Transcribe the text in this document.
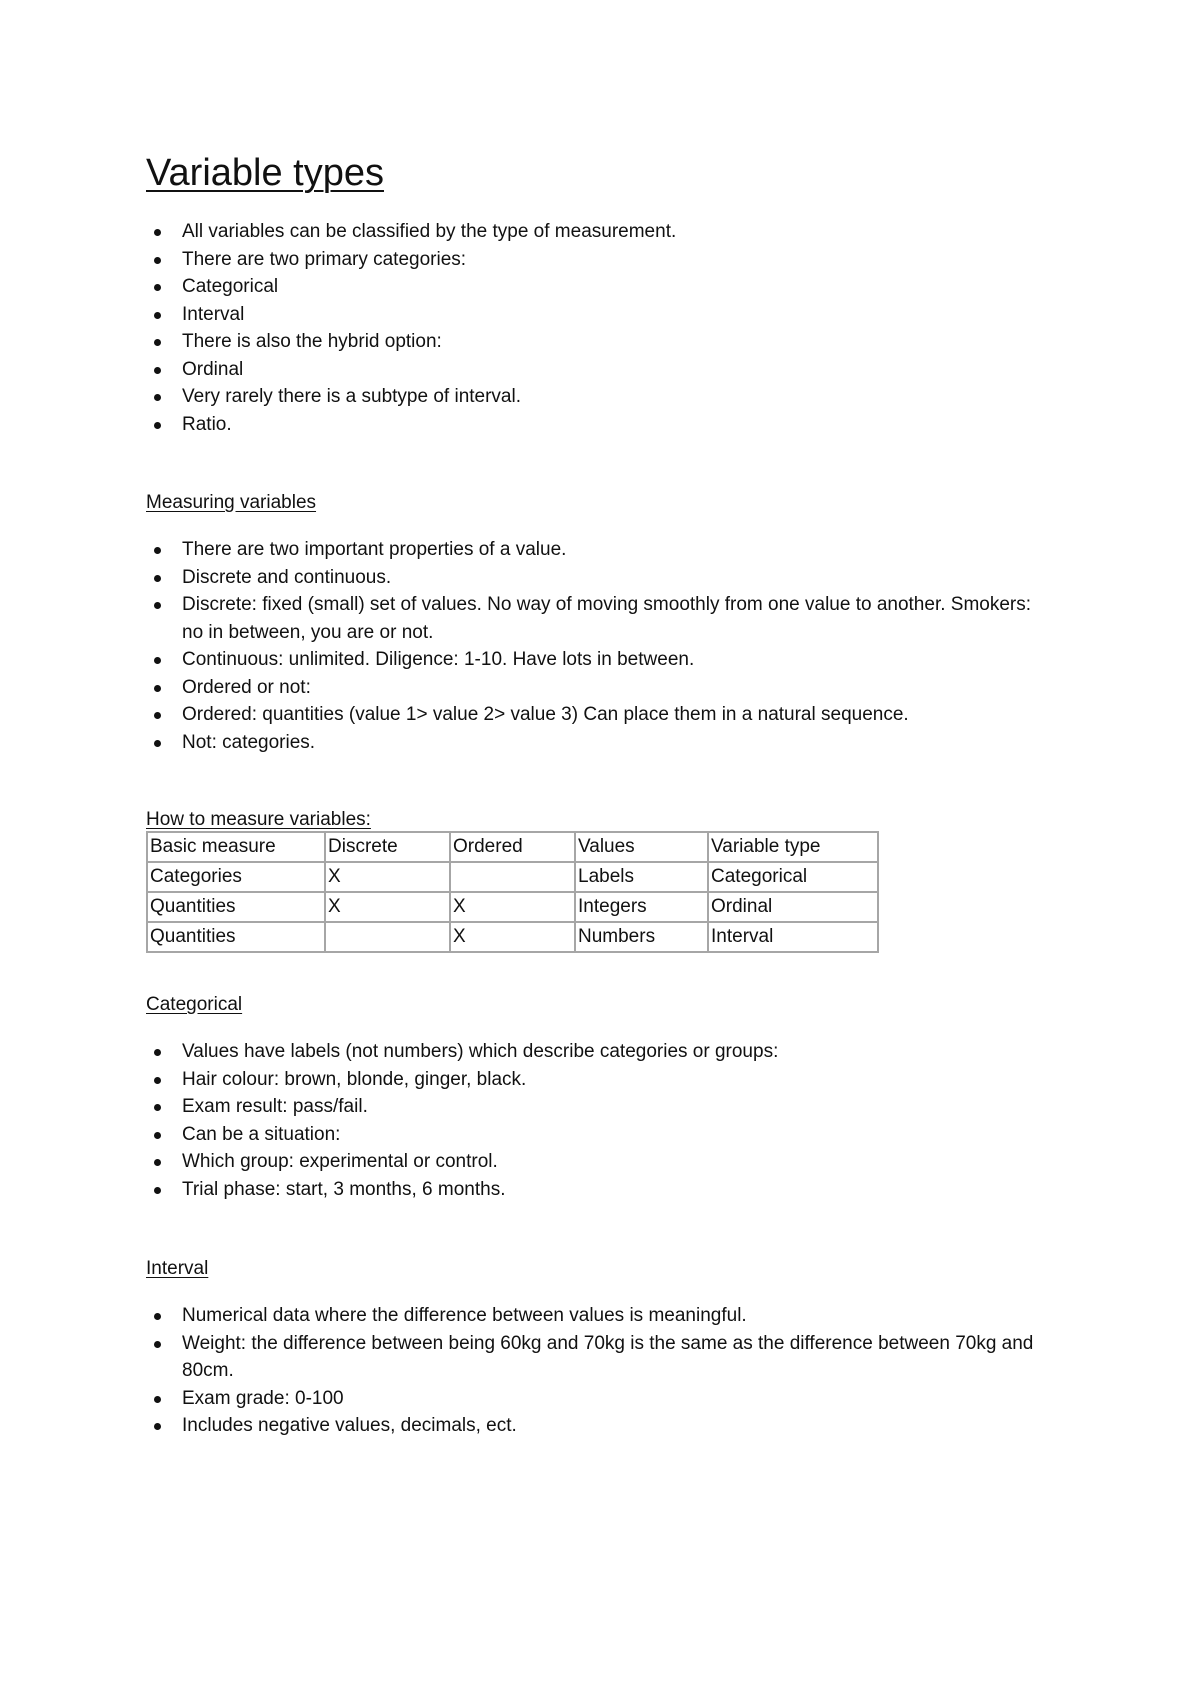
Variable types
All variables can be classified by the type of measurement.
There are two primary categories:
Categorical
Interval
There is also the hybrid option:
Ordinal
Very rarely there is a subtype of interval.
Ratio.
Measuring variables
There are two important properties of a value.
Discrete and continuous.
Discrete: fixed (small) set of values. No way of moving smoothly from one value to another. Smokers: no in between, you are or not.
Continuous: unlimited. Diligence: 1-10. Have lots in between.
Ordered or not:
Ordered: quantities (value 1> value 2> value 3) Can place them in a natural sequence.
Not: categories.
How to measure variables:
Basic measure	Discrete	Ordered	Values	Variable type
Categories	X		Labels	Categorical
Quantities	X	X	Integers	Ordinal
Quantities		X	Numbers	Interval
Categorical
Values have labels (not numbers) which describe categories or groups:
Hair colour: brown, blonde, ginger, black.
Exam result: pass/fail.
Can be a situation:
Which group: experimental or control.
Trial phase: start, 3 months, 6 months.
Interval
Numerical data where the difference between values is meaningful.
Weight: the difference between being 60kg and 70kg is the same as the difference between 70kg and 80cm.
Exam grade: 0-100
Includes negative values, decimals, ect.
